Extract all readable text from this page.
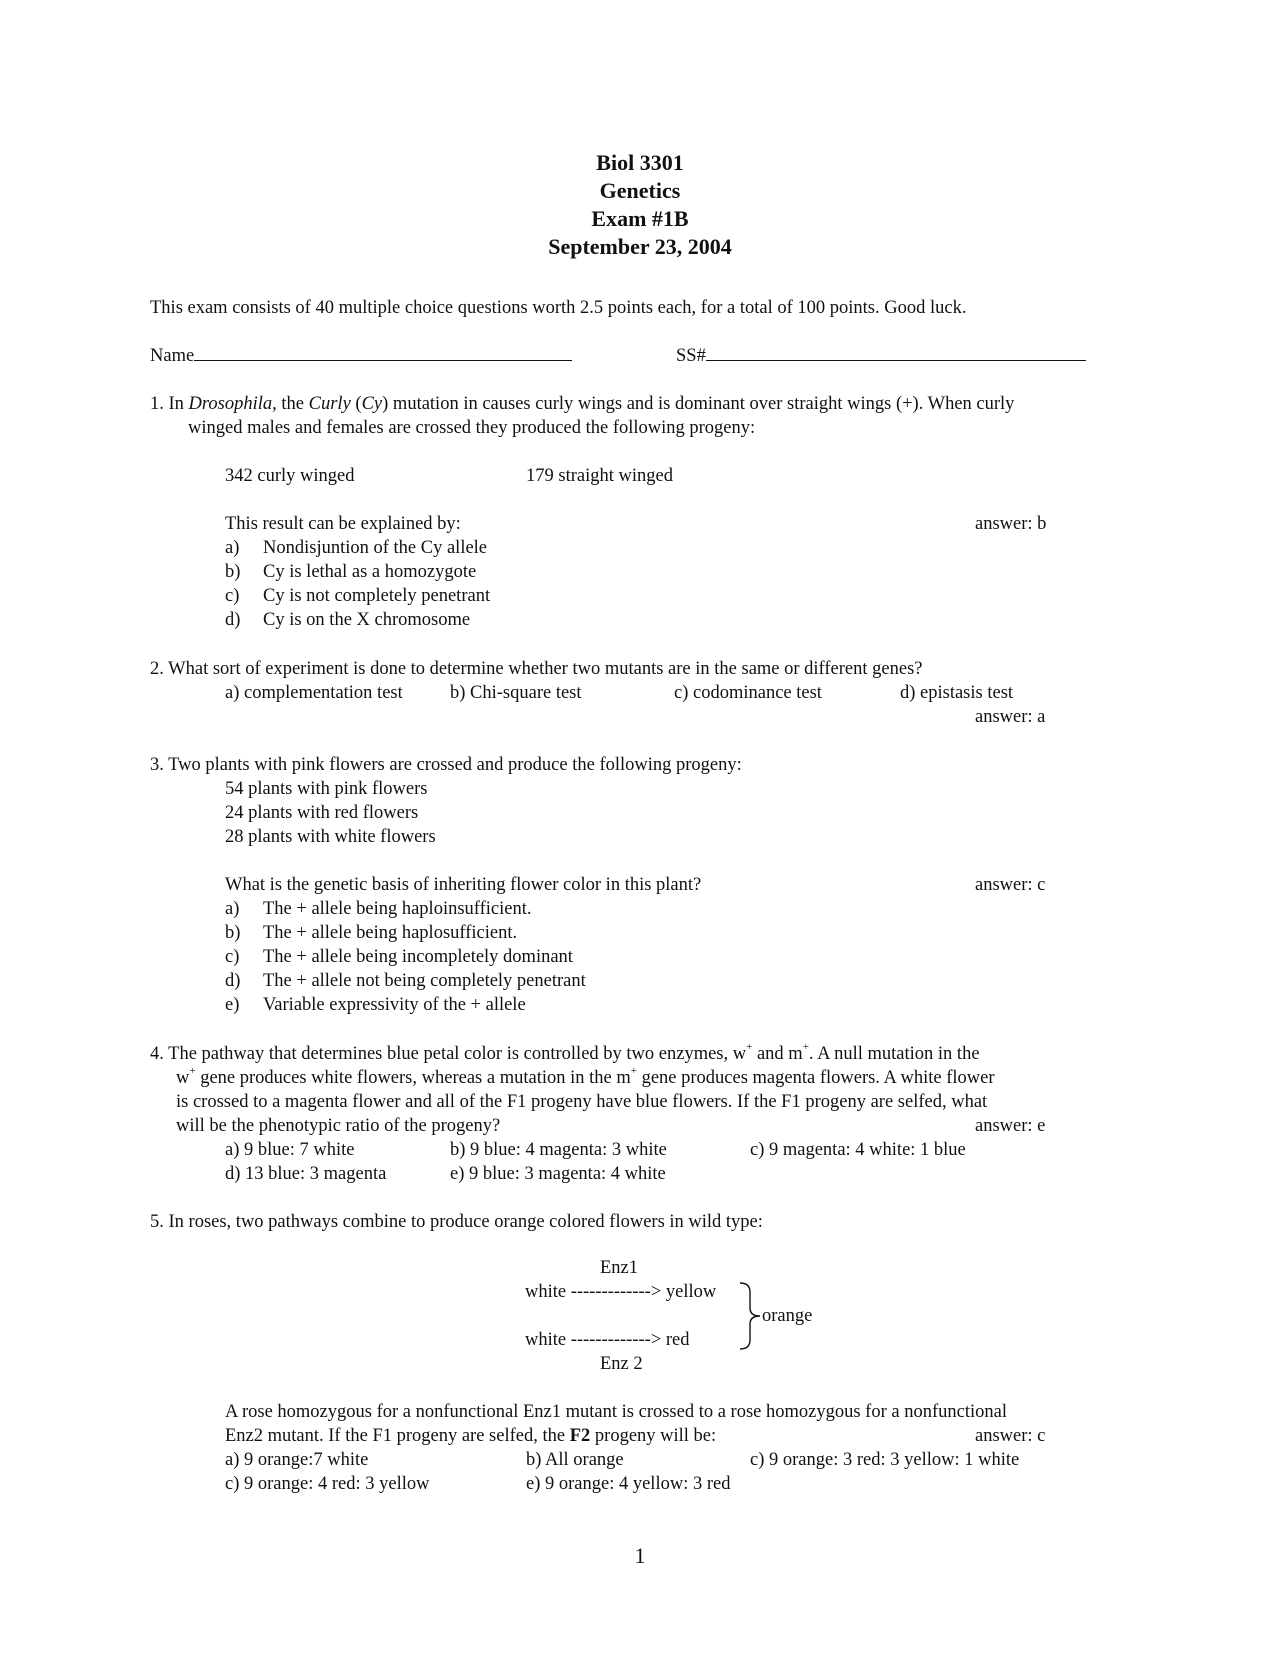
Biol 3301
Genetics
Exam #1B
September 23, 2004
This exam consists of 40 multiple choice questions worth 2.5 points each, for a total of 100 points. Good luck.
Name	SS#
1. In Drosophila, the Curly (Cy) mutation in causes curly wings and is dominant over straight wings (+). When curly
winged males and females are crossed they produced the following progeny:
342 curly winged	179 straight winged
This result can be explained by:	answer: b
a) Nondisjuntion of the Cy allele
b) Cy is lethal as a homozygote
c) Cy is not completely penetrant
d) Cy is on the X chromosome
2. What sort of experiment is done to determine whether two mutants are in the same or different genes?
a) complementation test	b) Chi-square test	c) codominance test	d) epistasis test
answer: a
3. Two plants with pink flowers are crossed and produce the following progeny:
54 plants with pink flowers
24 plants with red flowers
28 plants with white flowers
What is the genetic basis of inheriting flower color in this plant?	answer: c
a) The + allele being haploinsufficient.
b) The + allele being haplosufficient.
c) The + allele being incompletely dominant
d) The + allele not being completely penetrant
e) Variable expressivity of the + allele
4. The pathway that determines blue petal color is controlled by two enzymes, w+ and m+. A null mutation in the
w+ gene produces white flowers, whereas a mutation in the m+ gene produces magenta flowers. A white flower
is crossed to a magenta flower and all of the F1 progeny have blue flowers. If the F1 progeny are selfed, what
will be the phenotypic ratio of the progeny?	answer: e
a) 9 blue: 7 white	b) 9 blue: 4 magenta: 3 white	c) 9 magenta: 4 white: 1 blue
d) 13 blue: 3 magenta	e) 9 blue: 3 magenta: 4 white
5. In roses, two pathways combine to produce orange colored flowers in wild type:
Enz1
white -------------> yellow
white -------------> red
orange
Enz 2
A rose homozygous for a nonfunctional Enz1 mutant is crossed to a rose homozygous for a nonfunctional
Enz2 mutant. If the F1 progeny are selfed, the F2 progeny will be:	answer: c
a) 9 orange:7 white	b) All orange	c) 9 orange: 3 red: 3 yellow: 1 white
c) 9 orange: 4 red: 3 yellow	e) 9 orange: 4 yellow: 3 red
1
